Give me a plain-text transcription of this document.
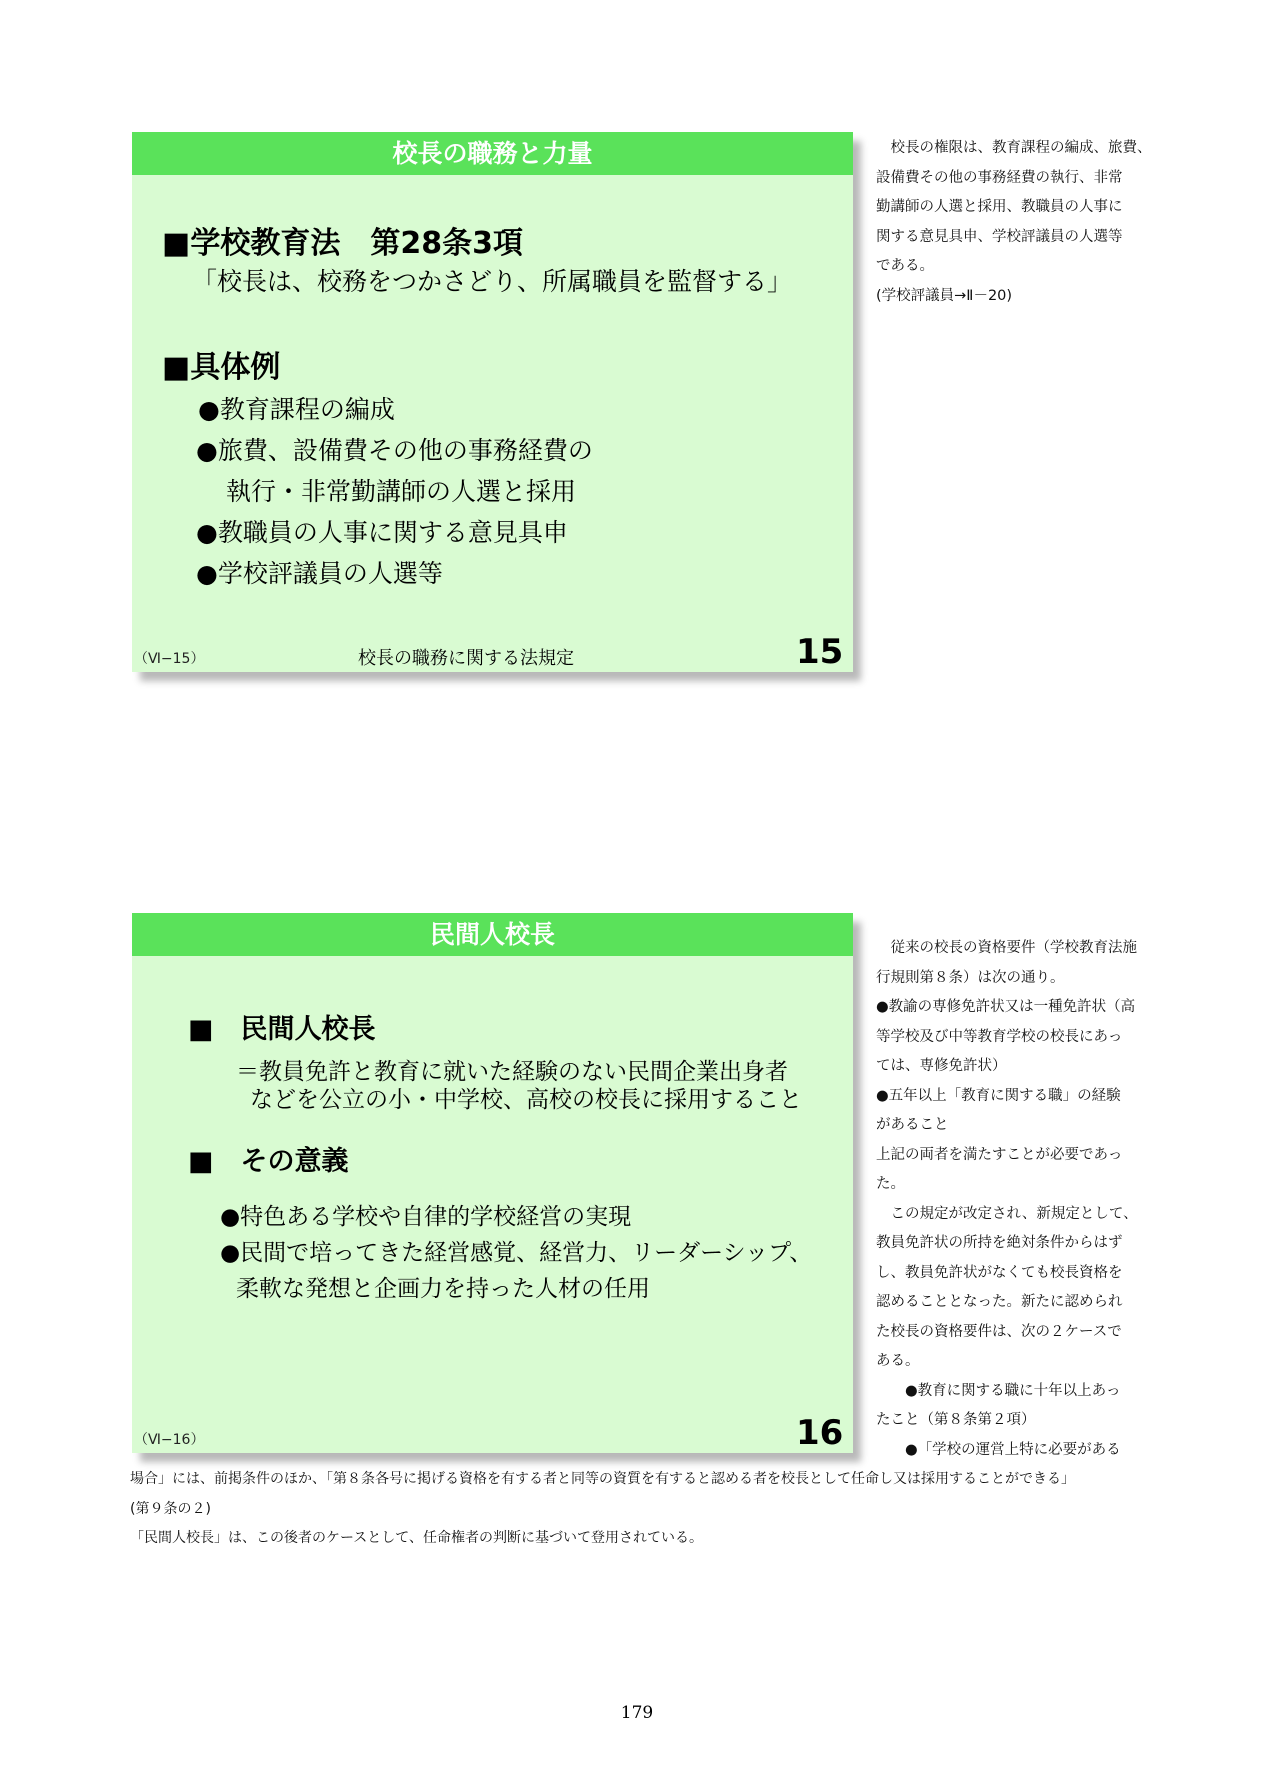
校長の職務と力量
■学校教育法　第28条3項
「校長は、校務をつかさどり、所属職員を監督する」
■具体例
●教育課程の編成
●旅費、設備費その他の事務経費の
執行・非常勤講師の人選と採用
●教職員の人事に関する意見具申
●学校評議員の人選等
（Ⅵ−15）	校長の職務に関する法規定	15
　校長の権限は、教育課程の編成、旅費、
設備費その他の事務経費の執行、非常
勤講師の人選と採用、教職員の人事に
関する意見具申、学校評議員の人選等
である。
(学校評議員→Ⅱ－20)
民間人校長
■　民間人校長
＝教員免許と教育に就いた経験のない民間企業出身者
などを公立の小・中学校、高校の校長に採用すること
■　その意義
●特色ある学校や自律的学校経営の実現
●民間で培ってきた経営感覚、経営力、リーダーシップ、
柔軟な発想と企画力を持った人材の任用
（Ⅵ−16）	16
　従来の校長の資格要件（学校教育法施
行規則第８条）は次の通り。
●教諭の専修免許状又は一種免許状（高
等学校及び中等教育学校の校長にあっ
ては、専修免許状）
●五年以上「教育に関する職」の経験
があること
上記の両者を満たすことが必要であっ
た。
　この規定が改定され、新規定として、
教員免許状の所持を絶対条件からはず
し、教員免許状がなくても校長資格を
認めることとなった。新たに認められ
た校長の資格要件は、次の２ケースで
ある。
　　●教育に関する職に十年以上あっ
たこと（第８条第２項）
　　●「学校の運営上特に必要がある
場合」には、前掲条件のほか、「第８条各号に掲げる資格を有する者と同等の資質を有すると認める者を校長として任命し又は採用することができる」
(第９条の２)
「民間人校長」は、この後者のケースとして、任命権者の判断に基づいて登用されている。
179
